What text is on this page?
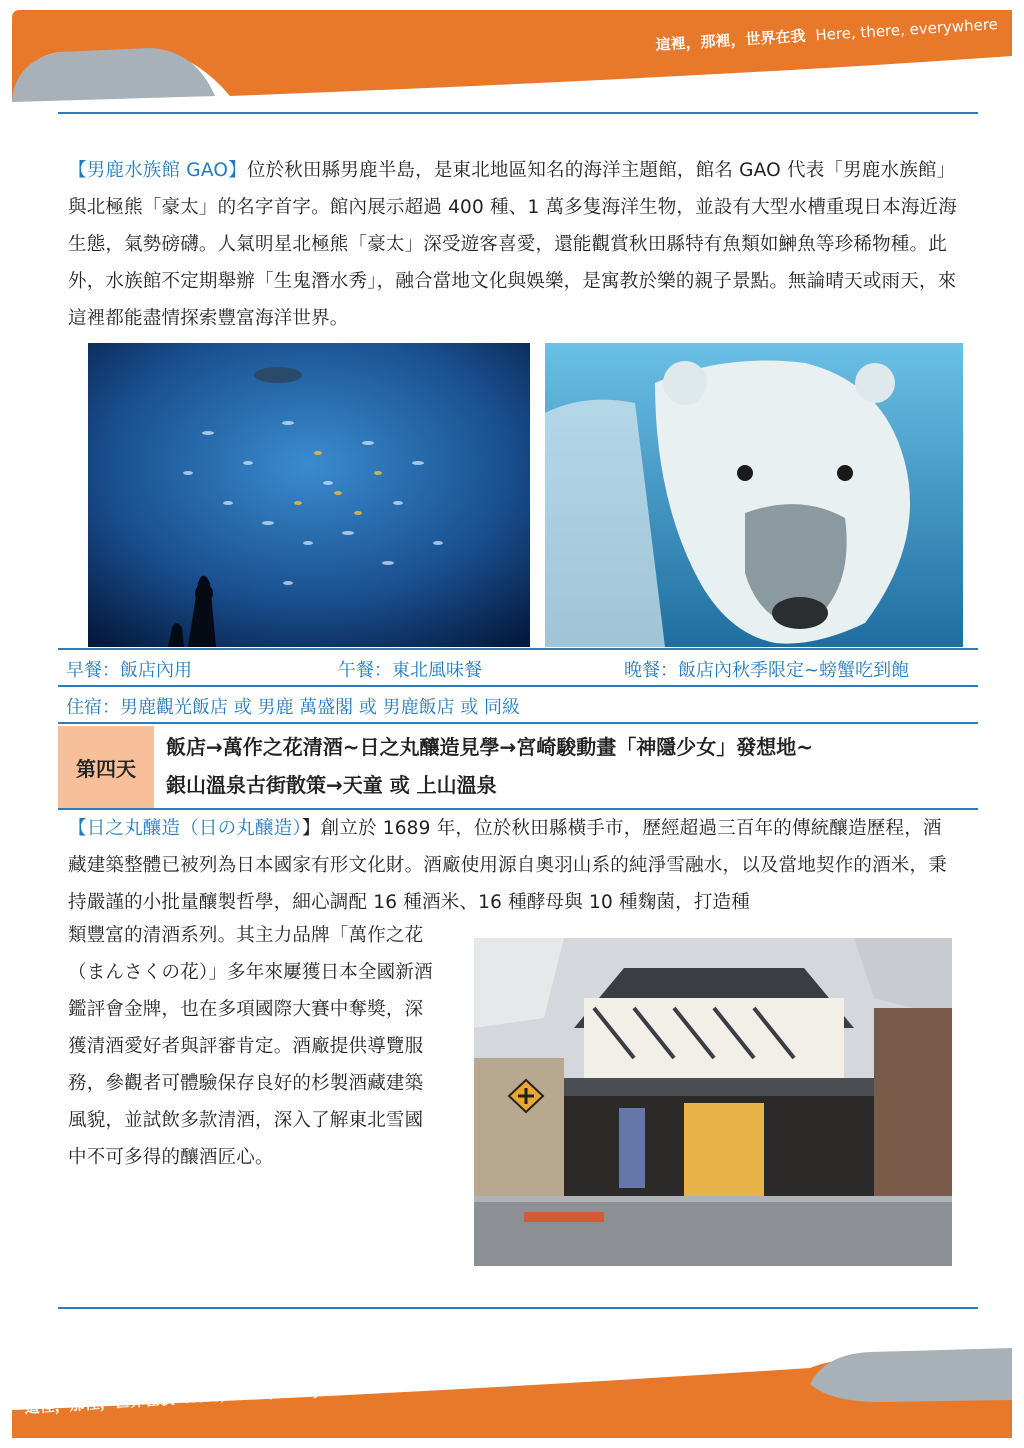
這裡，那裡，世界在我 Here, there, everywhere
【男鹿水族館 GAO】位於秋田縣男鹿半島，是東北地區知名的海洋主題館，館名 GAO 代表「男鹿水族館」與北極熊「豪太」的名字首字。館內展示超過 400 種、1 萬多隻海洋生物，並設有大型水槽重現日本海近海生態，氣勢磅礴。人氣明星北極熊「豪太」深受遊客喜愛，還能觀賞秋田縣特有魚類如鰰魚等珍稀物種。此外，水族館不定期舉辦「生鬼潛水秀」，融合當地文化與娛樂，是寓教於樂的親子景點。無論晴天或雨天，來這裡都能盡情探索豐富海洋世界。
早餐：飯店內用	午餐：東北風味餐	晚餐：飯店內秋季限定~螃蟹吃到飽
住宿：男鹿觀光飯店 或 男鹿 萬盛閣 或 男鹿飯店 或 同級
第四天
飯店→萬作之花清酒~日之丸釀造見學→宮崎駿動畫「神隱少女」發想地~
銀山溫泉古街散策→天童 或 上山溫泉
【日之丸釀造（日の丸醸造）】創立於 1689 年，位於秋田縣橫手市，歷經超過三百年的傳統釀造歷程，酒藏建築整體已被列為日本國家有形文化財。酒廠使用源自奧羽山系的純淨雪融水，以及當地契作的酒米，秉持嚴謹的小批量釀製哲學，細心調配 16 種酒米、16 種酵母與 10 種麴菌，打造種
類豐富的清酒系列。其主力品牌「萬作之花（まんさくの花）」多年來屢獲日本全國新酒鑑評會金牌，也在多項國際大賽中奪獎，深獲清酒愛好者與評審肯定。酒廠提供導覽服務，參觀者可體驗保存良好的杉製酒藏建築風貌，並試飲多款清酒，深入了解東北雪國中不可多得的釀酒匠心。
這裡，那裡，世界在我 Here, there, everywhere
